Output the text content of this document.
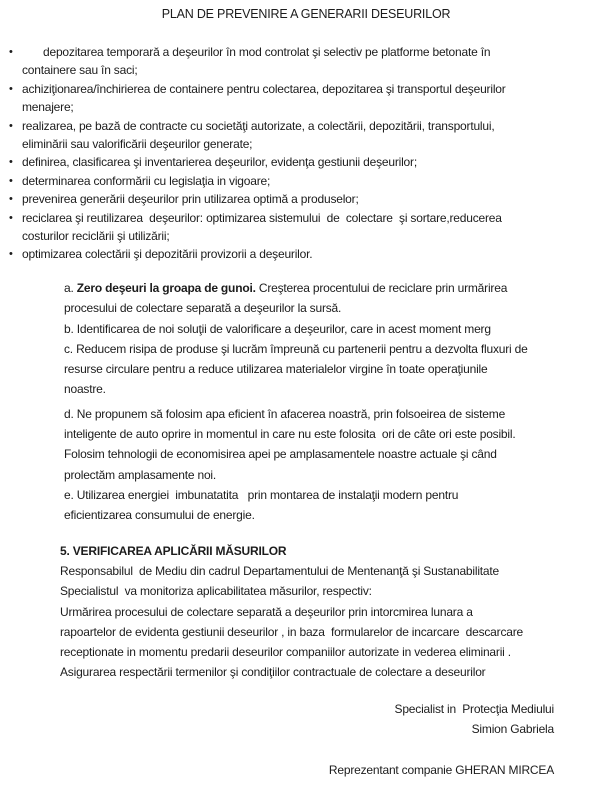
PLAN DE PREVENIRE A GENERARII DESEURILOR
•	depozitarea temporară a deşeurilor în mod controlat şi selectiv pe platforme betonate în
containere sau în saci;
• achiziţionarea/închirierea de containere pentru colectarea, depozitarea şi transportul deşeurilor
menajere;
• realizarea, pe bază de contracte cu societăţi autorizate, a colectării, depozitării, transportului,
eliminării sau valorificării deşeurilor generate;
• definirea, clasificarea şi inventarierea deşeurilor, evidenţa gestiunii deşeurilor;
• determinarea conformării cu legislaţia in vigoare;
• prevenirea generării deşeurilor prin utilizarea optimă a produselor;
• reciclarea şi reutilizarea  deşeurilor: optimizarea sistemului  de  colectare  şi sortare,reducerea
costurilor reciclării şi utilizării;
• optimizarea colectării şi depozitării provizorii a deşeurilor.
a. Zero deşeuri la groapa de gunoi. Creşterea procentului de reciclare prin urmărirea
procesului de colectare separată a deşeurilor la sursă.
b. Identificarea de noi soluţii de valorificare a deşeurilor, care in acest moment merg
c. Reducem risipa de produse şi lucrăm împreună cu partenerii pentru a dezvolta fluxuri de
resurse circulare pentru a reduce utilizarea materialelor virgine în toate operaţiunile
noastre.
d. Ne propunem să folosim apa eficient în afacerea noastră, prin folsoeirea de sisteme
inteligente de auto oprire in momentul in care nu este folosita  ori de câte ori este posibil.
Folosim tehnologii de economisirea apei pe amplasamentele noastre actuale şi când
prolectăm amplasamente noi.
e. Utilizarea energiei  imbunatatita   prin montarea de instalaţii modern pentru
eficientizarea consumului de energie.
5. VERIFICAREA APLICĂRII MĂSURILOR
Responsabilul  de Mediu din cadrul Departamentului de Mentenanţă şi Sustanabilitate
Specialistul  va monitoriza aplicabilitatea măsurilor, respectiv:
Urmărirea procesului de colectare separată a deşeurilor prin intorcmirea lunara a
rapoartelor de evidenta gestiunii deseurilor , in baza  formularelor de incarcare  descarcare
receptionate in momentu predarii deseurilor companiilor autorizate in vederea eliminarii .
Asigurarea respectării termenilor şi condiţiilor contractuale de colectare a deseurilor
Specialist in  Protecţia Mediului
Simion Gabriela
Reprezentant companie GHERAN MIRCEA
